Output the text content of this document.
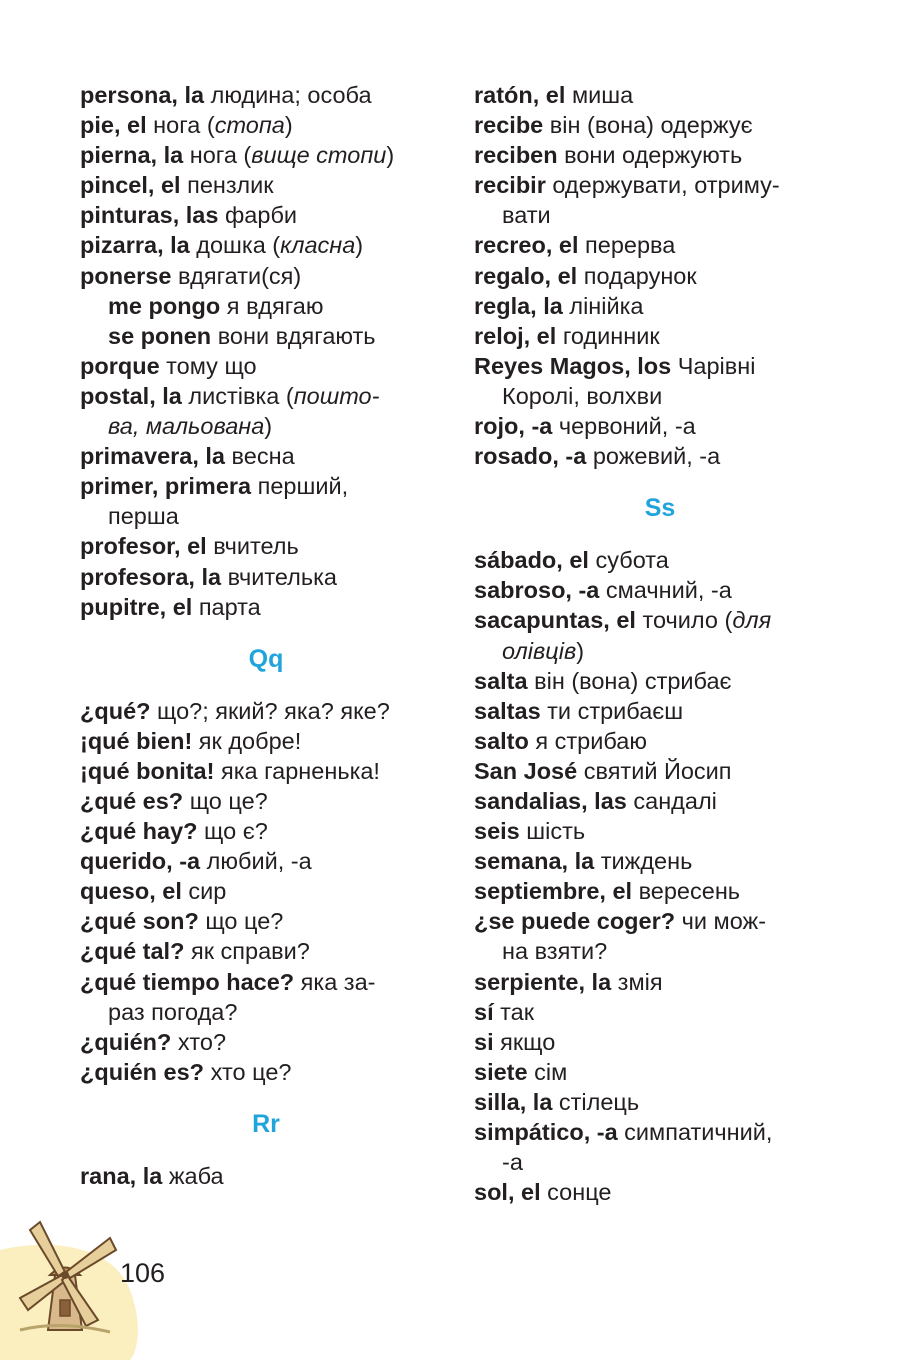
persona, la людина; особа
pie, el нога (стопа)
pierna, la нога (вище стопи)
pincel, el пензлик
pinturas, las фарби
pizarra, la дошка (класна)
ponerse вдягати(ся)
me pongo я вдягаю
se ponen вони вдягають
porque тому що
postal, la листівка (пошто-
ва, мальована)
primavera, la весна
primer, primera перший,
перша
profesor, el вчитель
profesora, la вчителька
pupitre, el парта
Qq
¿qué? що?; який? яка? яке?
¡qué bien! як добре!
¡qué bonita! яка гарненька!
¿qué es? що це?
¿qué hay? що є?
querido, -a любий, -а
queso, el сир
¿qué son? що це?
¿qué tal? як справи?
¿qué tiempo hace? яка за-
раз погода?
¿quién? хто?
¿quién es? хто це?
Rr
rana, la жаба
ratón, el миша
recibe він (вона) одержує
reciben вони одержують
recibir одержувати, отриму-
вати
recreo, el перерва
regalo, el подарунок
regla, la лінійка
reloj, el годинник
Reyes Magos, los Чарівні
Королі, волхви
rojo, -a червоний, -а
rosado, -a рожевий, -а
Ss
sábado, el субота
sabroso, -a смачний, -а
sacapuntas, el точило (для
олівців)
salta він (вона) стрибає
saltas ти стрибаєш
salto я стрибаю
San José святий Йосип
sandalias, las сандалі
seis шість
semana, la тиждень
septiembre, el вересень
¿se puede coger? чи мож-
на взяти?
serpiente, la змія
sí так
si якщо
siete сім
silla, la стілець
simpático, -a симпатичний,
-а
sol, el сонце
106
